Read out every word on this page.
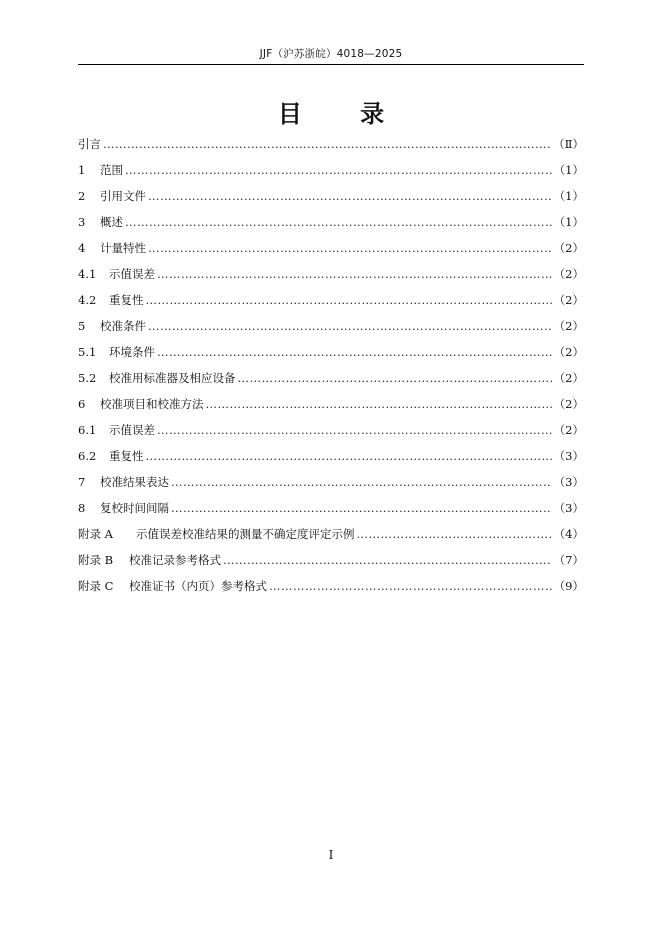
JJF（沪苏浙皖）4018—2025
目 录
引言 ……………………………………………………………………………………………………………………………………………………………………………	（Ⅱ）
1	范围 ……………………………………………………………………………………………………………………………………………………………………………	（1）
2	引用文件 ……………………………………………………………………………………………………………………………………………………………………………	（1）
3	概述 ……………………………………………………………………………………………………………………………………………………………………………	（1）
4	计量特性 ……………………………………………………………………………………………………………………………………………………………………………	（2）
4.1	示值误差 ……………………………………………………………………………………………………………………………………………………………………………	（2）
4.2	重复性 ……………………………………………………………………………………………………………………………………………………………………………	（2）
5	校准条件 ……………………………………………………………………………………………………………………………………………………………………………	（2）
5.1	环境条件 ……………………………………………………………………………………………………………………………………………………………………………	（2）
5.2	校准用标准器及相应设备 ……………………………………………………………………………………………………………………………………………………………………………	（2）
6	校准项目和校准方法 ……………………………………………………………………………………………………………………………………………………………………………	（2）
6.1	示值误差 ……………………………………………………………………………………………………………………………………………………………………………	（2）
6.2	重复性 ……………………………………………………………………………………………………………………………………………………………………………	（3）
7	校准结果表达 ……………………………………………………………………………………………………………………………………………………………………………	（3）
8	复校时间间隔 ……………………………………………………………………………………………………………………………………………………………………………	（3）
附录 A	示值误差校准结果的测量不确定度评定示例 ……………………………………………………………………………………………………………………………………………………………………………	（4）
附录 B	校准记录参考格式 ……………………………………………………………………………………………………………………………………………………………………………	（7）
附录 C	校准证书（内页）参考格式 ……………………………………………………………………………………………………………………………………………………………………………	（9）
I
